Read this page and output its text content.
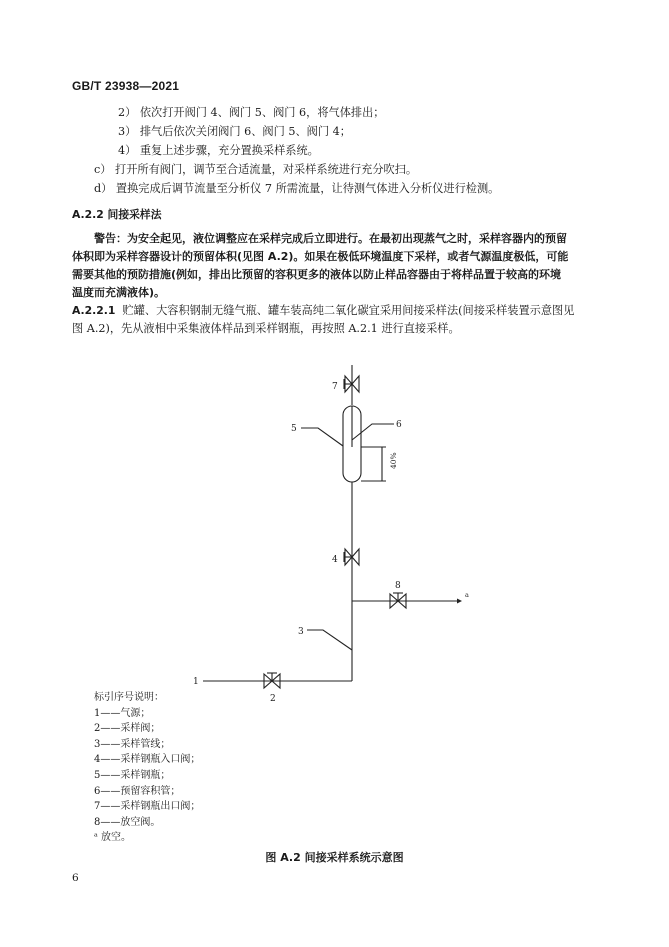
GB/T 23938—2021
2） 依次打开阀门 4、阀门 5、阀门 6，将气体排出；
3） 排气后依次关闭阀门 6、阀门 5、阀门 4；
4） 重复上述步骤，充分置换采样系统。
c） 打开所有阀门，调节至合适流量，对采样系统进行充分吹扫。
d） 置换完成后调节流量至分析仪 7 所需流量，让待测气体进入分析仪进行检测。
A.2.2 间接采样法
警告：为安全起见，液位调整应在采样完成后立即进行。在最初出现蒸气之时，采样容器内的预留
体积即为采样容器设计的预留体积(见图 A.2)。如果在极低环境温度下采样，或者气源温度极低，可能
需要其他的预防措施(例如，排出比预留的容积更多的液体以防止样品容器由于将样品置于较高的环境
温度而充满液体)。
A.2.2.1 贮罐、大容积钢制无缝气瓶、罐车装高纯二氧化碳宜采用间接采样法(间接采样装置示意图见
图 A.2)，先从液相中采集液体样品到采样钢瓶，再按照 A.2.1 进行直接采样。
7
5	6
40%
4
8
a
3
1
2
标引序号说明：
1——气源；
2——采样阀；
3——采样管线；
4——采样钢瓶入口阀；
5——采样钢瓶；
6——预留容积管；
7——采样钢瓶出口阀；
8——放空阀。
ᵃ 放空。
图 A.2 间接采样系统示意图
6
